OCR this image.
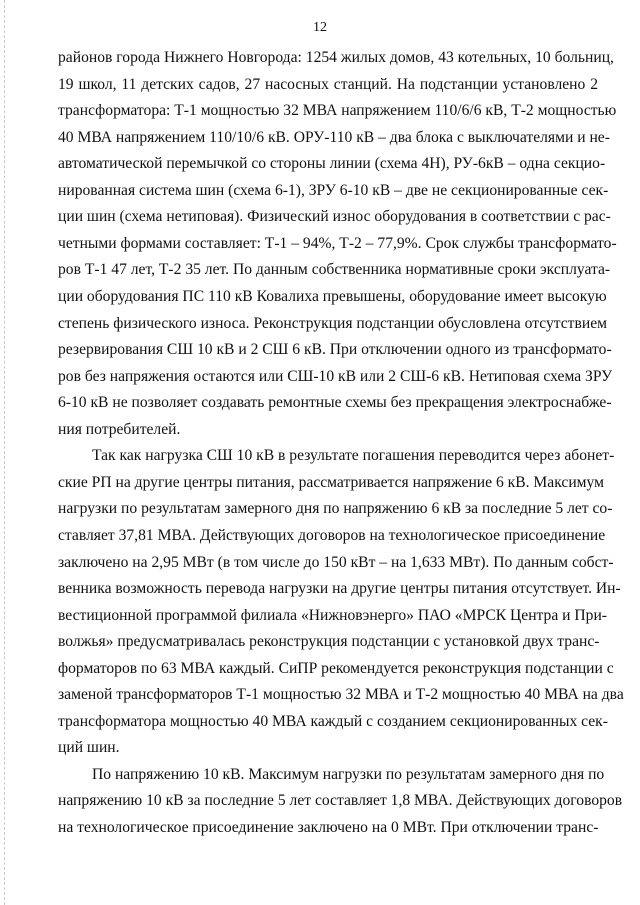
12
районов города Нижнего Новгорода: 1254 жилых домов, 43 котельных, 10 больниц,
19 школ, 11 детских садов, 27 насосных станций. На подстанции установлено 2
трансформатора: Т-1 мощностью 32 МВА напряжением 110/6/6 кВ, Т-2 мощностью
40 МВА напряжением 110/10/6 кВ. ОРУ-110 кВ – два блока с выключателями и не-
автоматической перемычкой со стороны линии (схема 4Н), РУ-6кВ – одна секцио-
нированная система шин (схема 6-1), ЗРУ 6-10 кВ – две не секционированные сек-
ции шин (схема нетиповая). Физический износ оборудования в соответствии с рас-
четными формами составляет: Т-1 – 94%, Т-2 – 77,9%. Срок службы трансформато-
ров Т-1 47 лет, Т-2 35 лет. По данным собственника нормативные сроки эксплуата-
ции оборудования ПС 110 кВ Ковалиха превышены, оборудование имеет высокую
степень физического износа. Реконструкция подстанции обусловлена отсутствием
резервирования СШ 10 кВ и 2 СШ 6 кВ. При отключении одного из трансформато-
ров без напряжения остаются или СШ-10 кВ или 2 СШ-6 кВ. Нетиповая схема ЗРУ
6-10 кВ не позволяет создавать ремонтные схемы без прекращения электроснабже-
ния потребителей.
Так как нагрузка СШ 10 кВ в результате погашения переводится через абонет-
ские РП на другие центры питания, рассматривается напряжение 6 кВ. Максимум
нагрузки по результатам замерного дня по напряжению 6 кВ за последние 5 лет со-
ставляет 37,81 МВА. Действующих договоров на технологическое присоединение
заключено на 2,95 МВт (в том числе до 150 кВт – на 1,633 МВт). По данным собст-
венника возможность перевода нагрузки на другие центры питания отсутствует. Ин-
вестиционной программой филиала «Нижновэнерго» ПАО «МРСК Центра и При-
волжья» предусматривалась реконструкция подстанции с установкой двух транс-
форматоров по 63 МВА каждый. СиПР рекомендуется реконструкция подстанции с
заменой трансформаторов Т-1 мощностью 32 МВА и Т-2 мощностью 40 МВА на два
трансформатора мощностью 40 МВА каждый с созданием секционированных сек-
ций шин.
По напряжению 10 кВ. Максимум нагрузки по результатам замерного дня по
напряжению 10 кВ за последние 5 лет составляет 1,8 МВА. Действующих договоров
на технологическое присоединение заключено на 0 МВт. При отключении транс-
